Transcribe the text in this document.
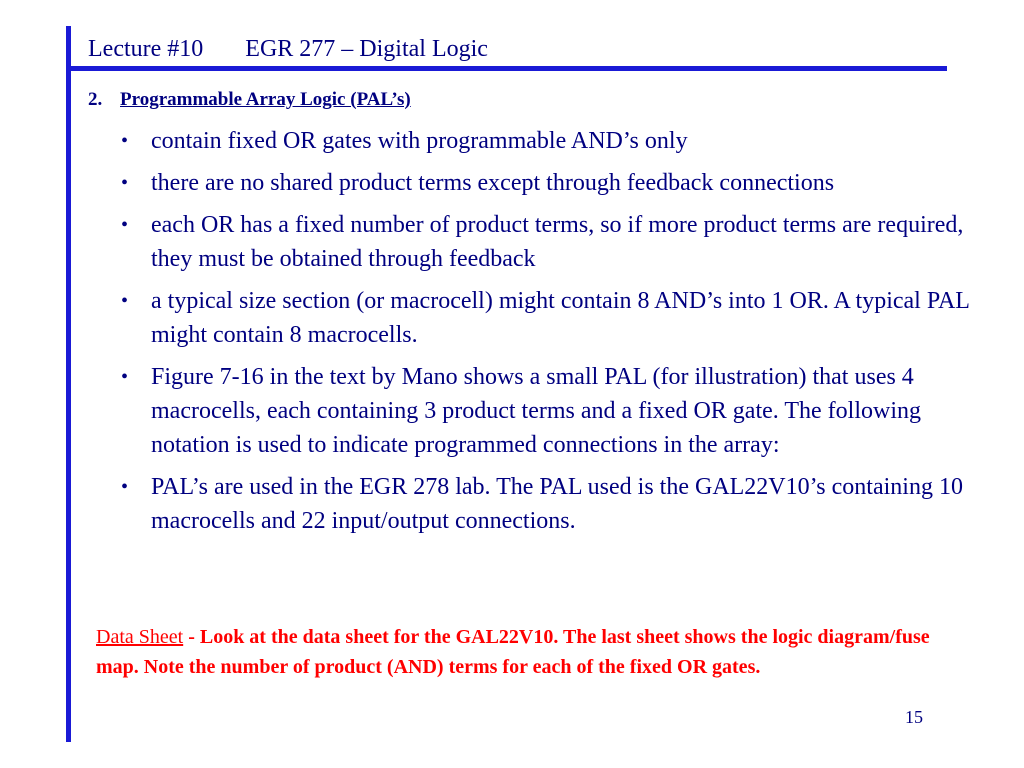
Lecture #10 EGR 277 – Digital Logic
2. Programmable Array Logic (PAL’s)
• contain fixed OR gates with programmable AND’s only
• there are no shared product terms except through feedback connections
• each OR has a fixed number of product terms, so if more product terms are required, they must be obtained through feedback
• a typical size section (or macrocell) might contain 8 AND’s into 1 OR. A typical PAL might contain 8 macrocells.
• Figure 7-16 in the text by Mano shows a small PAL (for illustration) that uses 4 macrocells, each containing 3 product terms and a fixed OR gate. The following notation is used to indicate programmed connections in the array:
• PAL’s are used in the EGR 278 lab. The PAL used is the GAL22V10’s containing 10 macrocells and 22 input/output connections.
Data Sheet - Look at the data sheet for the GAL22V10. The last sheet shows the logic diagram/fuse map. Note the number of product (AND) terms for each of the fixed OR gates.
15
